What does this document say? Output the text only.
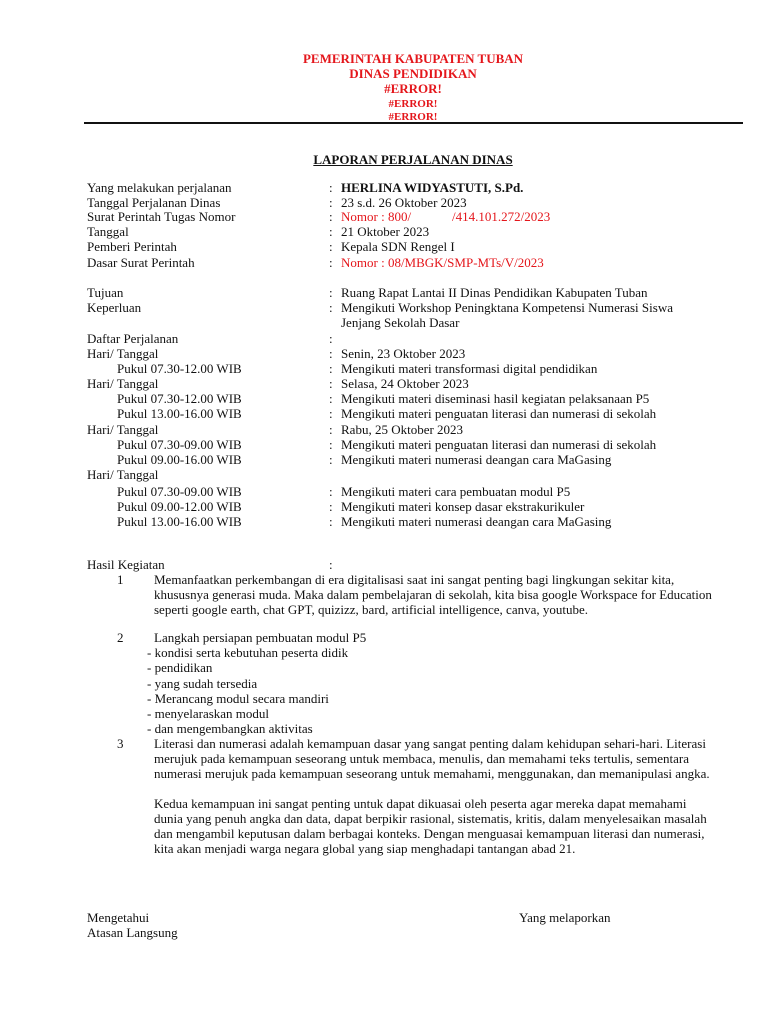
PEMERINTAH KABUPATEN TUBAN
DINAS PENDIDIKAN
#ERROR!
#ERROR!
#ERROR!
LAPORAN PERJALANAN DINAS
Yang melakukan perjalanan	: HERLINA WIDYASTUTI, S.Pd.
Tanggal Perjalanan Dinas	: 23 s.d. 26 Oktober 2023
Surat Perintah Tugas Nomor	: Nomor : 800/	/414.101.272/2023
Tanggal	: 21 Oktober 2023
Pemberi Perintah	: Kepala SDN Rengel I
Dasar Surat Perintah	: Nomor : 08/MBGK/SMP-MTs/V/2023
Tujuan	: Ruang Rapat Lantai II Dinas Pendidikan Kabupaten Tuban
Keperluan	: Mengikuti Workshop Peningktana Kompetensi Numerasi Siswa
Jenjang Sekolah Dasar
Daftar Perjalanan	:
Hari/ Tanggal	: Senin, 23 Oktober 2023
Pukul 07.30-12.00 WIB	: Mengikuti materi transformasi digital pendidikan
Hari/ Tanggal	: Selasa, 24 Oktober 2023
Pukul 07.30-12.00 WIB	: Mengikuti materi diseminasi hasil kegiatan pelaksanaan P5
Pukul 13.00-16.00 WIB	: Mengikuti materi penguatan literasi dan numerasi di sekolah
Hari/ Tanggal	: Rabu, 25 Oktober 2023
Pukul 07.30-09.00 WIB	: Mengikuti materi penguatan literasi dan numerasi di sekolah
Pukul 09.00-16.00 WIB	: Mengikuti materi numerasi deangan cara MaGasing
Hari/ Tanggal
Pukul 07.30-09.00 WIB	: Mengikuti materi cara pembuatan modul P5
Pukul 09.00-12.00 WIB	: Mengikuti materi konsep dasar ekstrakurikuler
Pukul 13.00-16.00 WIB	: Mengikuti materi numerasi deangan cara MaGasing
Hasil Kegiatan	:
1 Memanfaatkan perkembangan di era digitalisasi saat ini sangat penting bagi lingkungan sekitar kita, khususnya generasi muda. Maka dalam pembelajaran di sekolah, kita bisa google Workspace for Education seperti google earth, chat GPT, quizizz, bard, artificial intelligence, canva, youtube.
2 Langkah persiapan pembuatan modul P5
- kondisi serta kebutuhan peserta didik
- pendidikan
- yang sudah tersedia
- Merancang modul secara mandiri
- menyelaraskan modul
- dan mengembangkan aktivitas
3 Literasi dan numerasi adalah kemampuan dasar yang sangat penting dalam kehidupan sehari-hari. Literasi merujuk pada kemampuan seseorang untuk membaca, menulis, dan memahami teks tertulis, sementara numerasi merujuk pada kemampuan seseorang untuk memahami, menggunakan, dan memanipulasi angka.
Kedua kemampuan ini sangat penting untuk dapat dikuasai oleh peserta agar mereka dapat memahami dunia yang penuh angka dan data, dapat berpikir rasional, sistematis, kritis, dalam menyelesaikan masalah dan mengambil keputusan dalam berbagai konteks. Dengan menguasai kemampuan literasi dan numerasi, kita akan menjadi warga negara global yang siap menghadapi tantangan abad 21.
Mengetahui
Atasan Langsung
Yang melaporkan
